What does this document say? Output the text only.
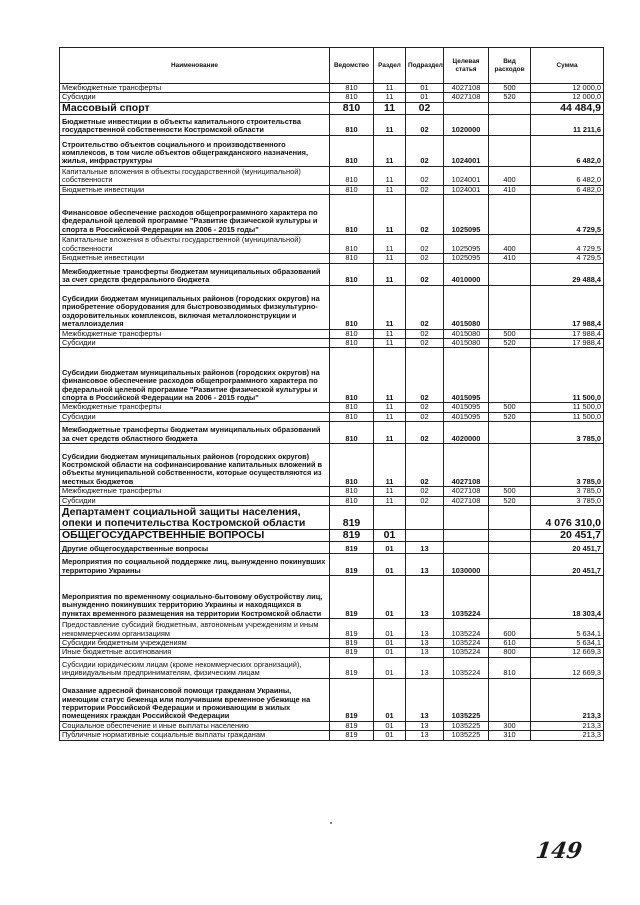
Наименование	Ведомство	Раздел	Подраздел	Целевая статья	Вид расходов	Сумма
Межбюджетные трансферты	810	11	01	4027108	500	12 000,0
Субсидии	810	11	01	4027108	520	12 000,0
Массовый спорт	810	11	02			44 484,9
Бюджетные инвестиции в объекты капитального строительства государственной собственности Костромской области	810	11	02	1020000		11 211,6
Строительство объектов социального и производственного комплексов, в том числе объектов общегражданского назначения, жилья, инфраструктуры	810	11	02	1024001		6 482,0
Капитальные вложения в объекты государственной (муниципальной) собственности	810	11	02	1024001	400	6 482,0
Бюджетные инвестиции	810	11	02	1024001	410	6 482,0
Финансовое обеспечение расходов общепрограммного характера по федеральной целевой программе "Развитие физической культуры и спорта в Российской Федерации на 2006 - 2015 годы"	810	11	02	1025095		4 729,5
Капитальные вложения в объекты государственной (муниципальной) собственности	810	11	02	1025095	400	4 729,5
Бюджетные инвестиции	810	11	02	1025095	410	4 729,5
Межбюджетные трансферты бюджетам муниципальных образований за счет средств федерального бюджета	810	11	02	4010000		29 488,4
Субсидии бюджетам муниципальных районов (городских округов) на приобретение оборудования для быстровозводимых физкультурно-оздоровительных комплексов, включая металлоконструкции и металлоизделия	810	11	02	4015080		17 988,4
Межбюджетные трансферты	810	11	02	4015080	500	17 988,4
Субсидии	810	11	02	4015080	520	17 988,4
Субсидии бюджетам муниципальных районов (городских округов) на финансовое обеспечение расходов общепрограммного характера по федеральной целевой программе "Развитие физической культуры и спорта в Российской Федерации на 2006 - 2015 годы"	810	11	02	4015095		11 500,0
Межбюджетные трансферты	810	11	02	4015095	500	11 500,0
Субсидии	810	11	02	4015095	520	11 500,0
Межбюджетные трансферты бюджетам муниципальных образований за счет средств областного бюджета	810	11	02	4020000		3 785,0
Субсидии бюджетам муниципальных районов (городских округов) Костромской области на софинансирование капитальных вложений в объекты муниципальной собственности, которые осуществляются из местных бюджетов	810	11	02	4027108		3 785,0
Межбюджетные трансферты	810	11	02	4027108	500	3 785,0
Субсидии	810	11	02	4027108	520	3 785,0
Департамент социальной защиты населения, опеки и попечительства Костромской области	819					4 076 310,0
ОБЩЕГОСУДАРСТВЕННЫЕ ВОПРОСЫ	819	01				20 451,7
Другие общегосударственные вопросы	819	01	13			20 451,7
Мероприятия по социальной поддержке лиц, вынужденно покинувших территорию Украины	819	01	13	1030000		20 451,7
Мероприятия по временному социально-бытовому обустройству лиц, вынужденно покинувших территорию Украины и находящихся в пунктах временного размещения на территории Костромской области	819	01	13	1035224		18 303,4
Предоставление субсидий бюджетным, автономным учреждениям и иным некоммерческим организациям	819	01	13	1035224	600	5 634,1
Субсидии бюджетным учреждениям	819	01	13	1035224	610	5 634,1
Иные бюджетные ассигнования	819	01	13	1035224	800	12 669,3
Субсидии юридическим лицам (кроме некоммерческих организаций), индивидуальным предпринимателям, физическим лицам	819	01	13	1035224	810	12 669,3
Оказание адресной финансовой помощи гражданам Украины, имеющим статус беженца или получившим временное убежище на территории Российской Федерации и проживающим в жилых помещениях граждан Российской Федерации	819	01	13	1035225		213,3
Социальное обеспечение и иные выплаты населению	819	01	13	1035225	300	213,3
Публичные нормативные социальные выплаты гражданам	819	01	13	1035225	310	213,3
149
